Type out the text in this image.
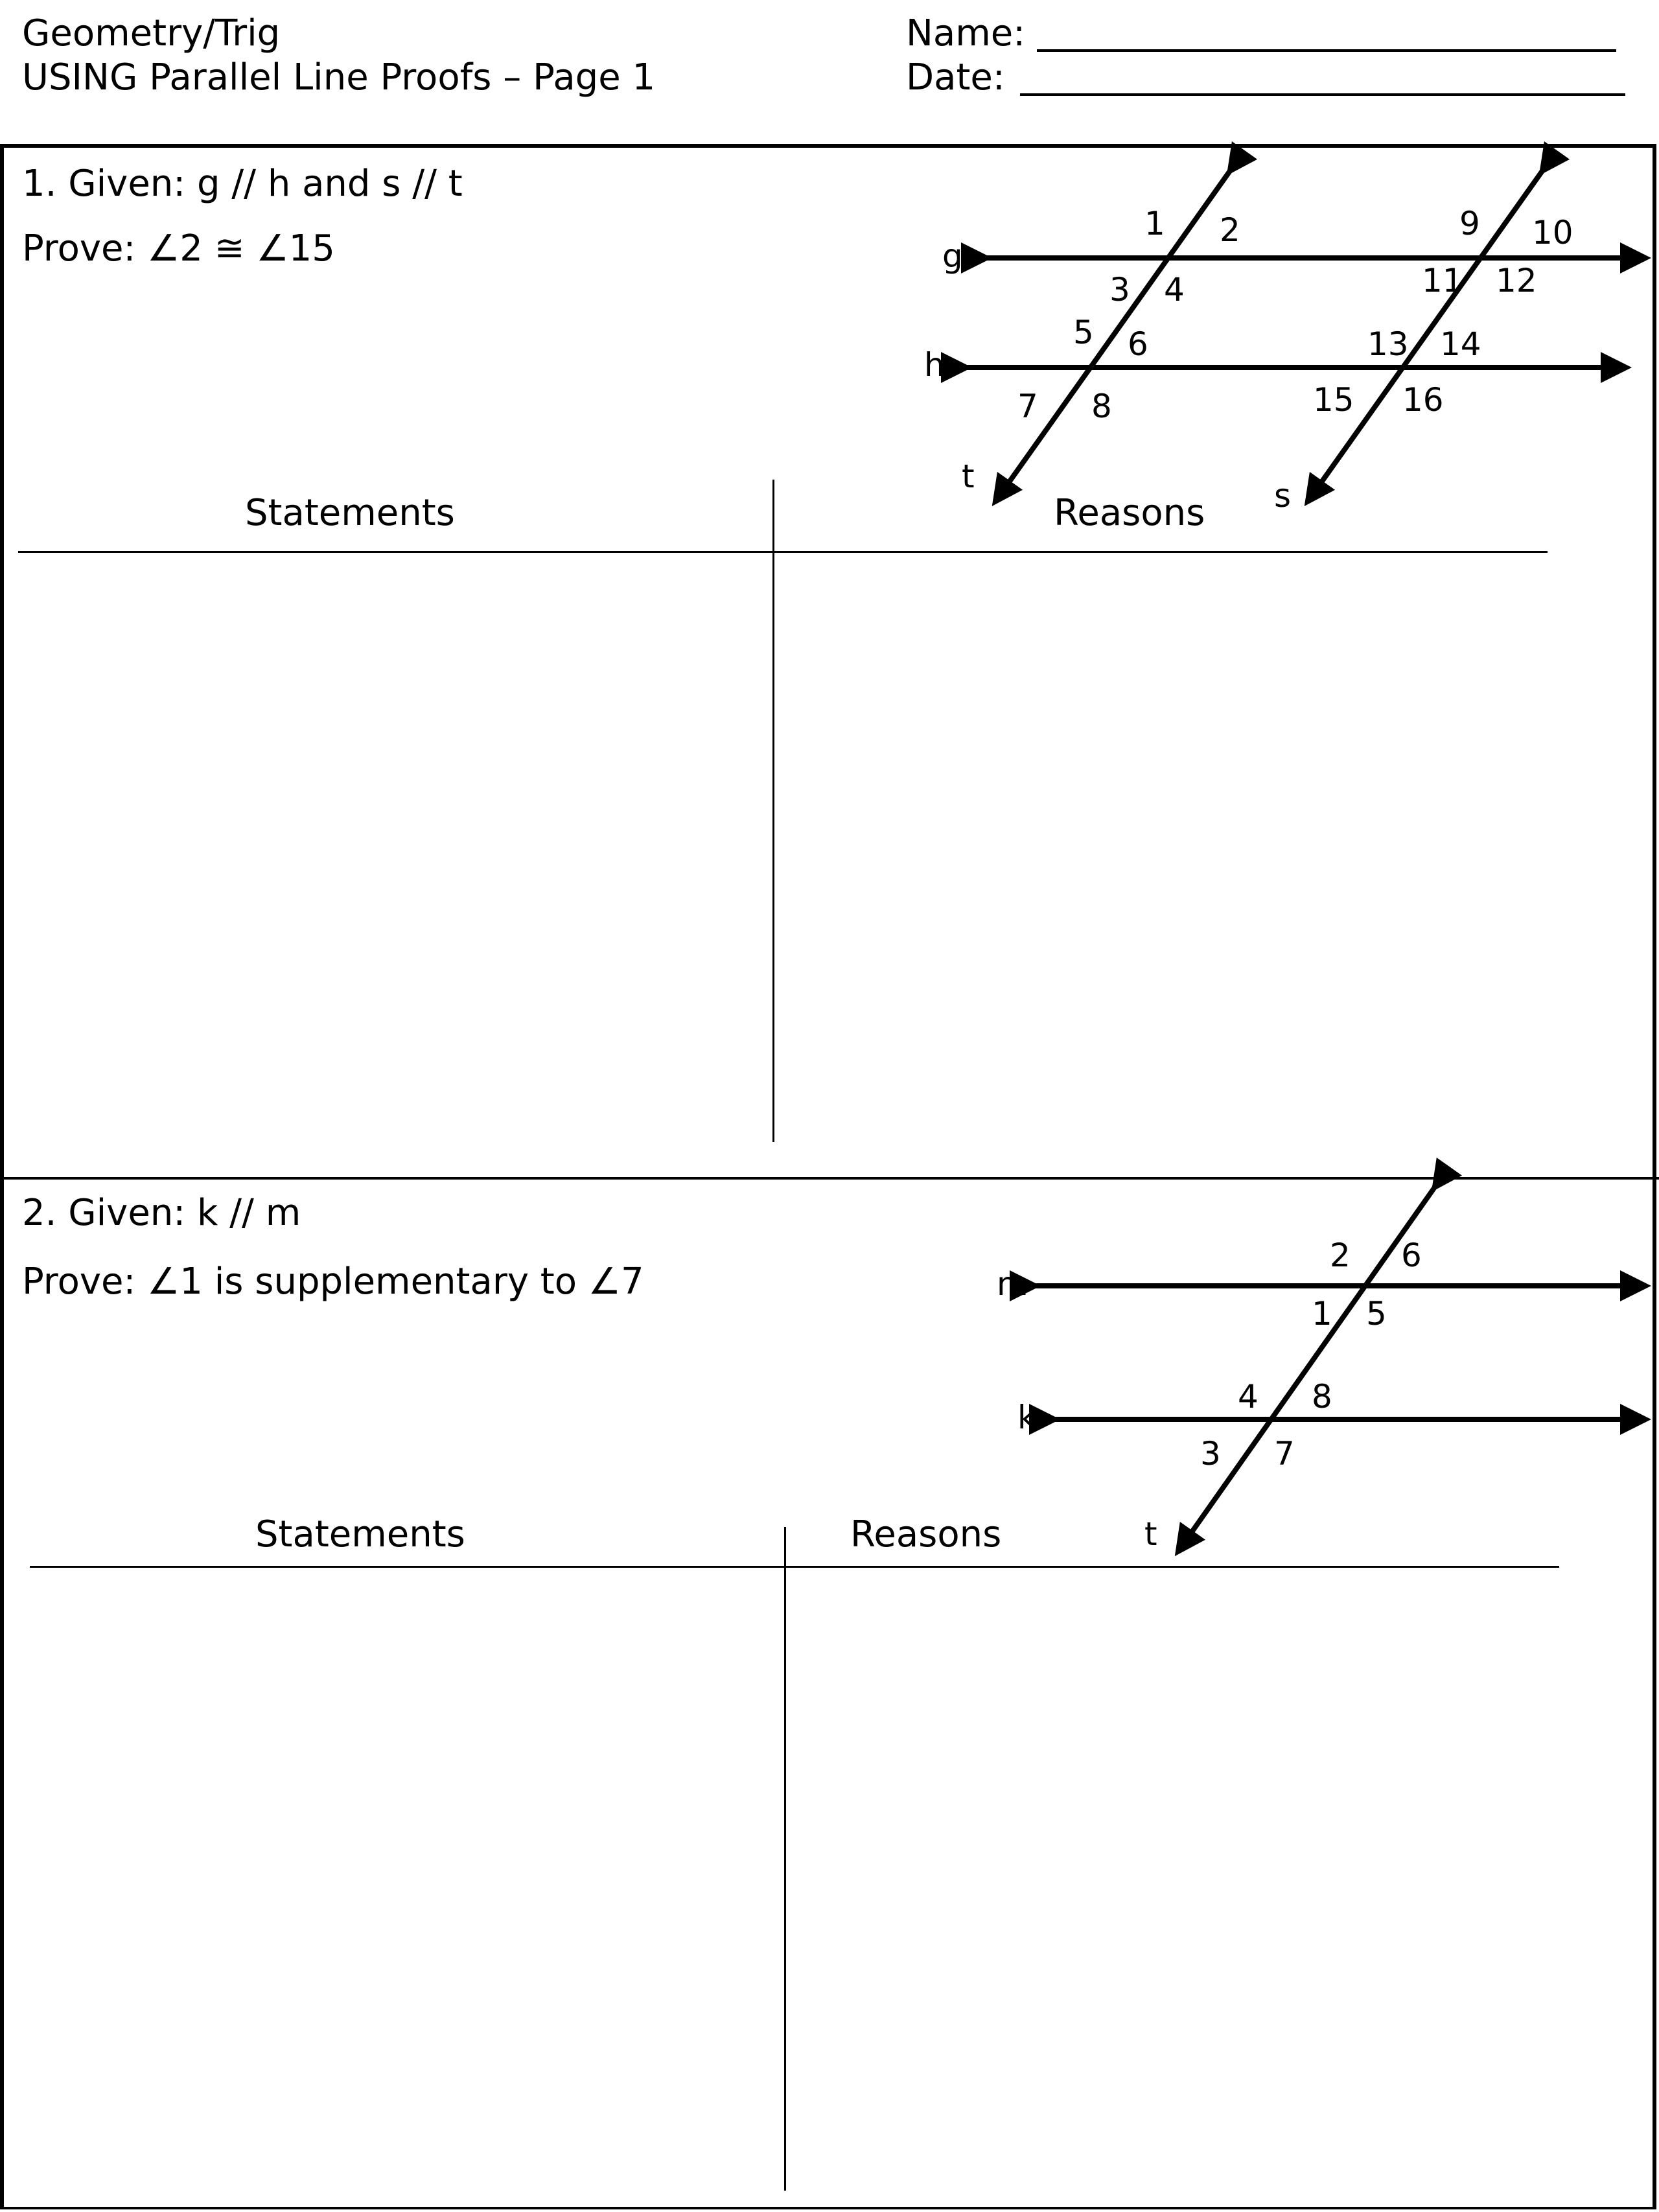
Geometry/Trig
USING Parallel Line Proofs – Page 1
Name:
Date:
1. Given: g // h and s // t
Prove: ∠2 ≅ ∠15
Statements	Reasons
2. Given: k // m
Prove: ∠1 is supplementary to ∠7
Statements	Reasons
g
h
t
s
1 2
3 4
5 6
7 8
9 10
11 12
13 14
15 16
m
k
t
1
2
3
4
5
6
7
8
